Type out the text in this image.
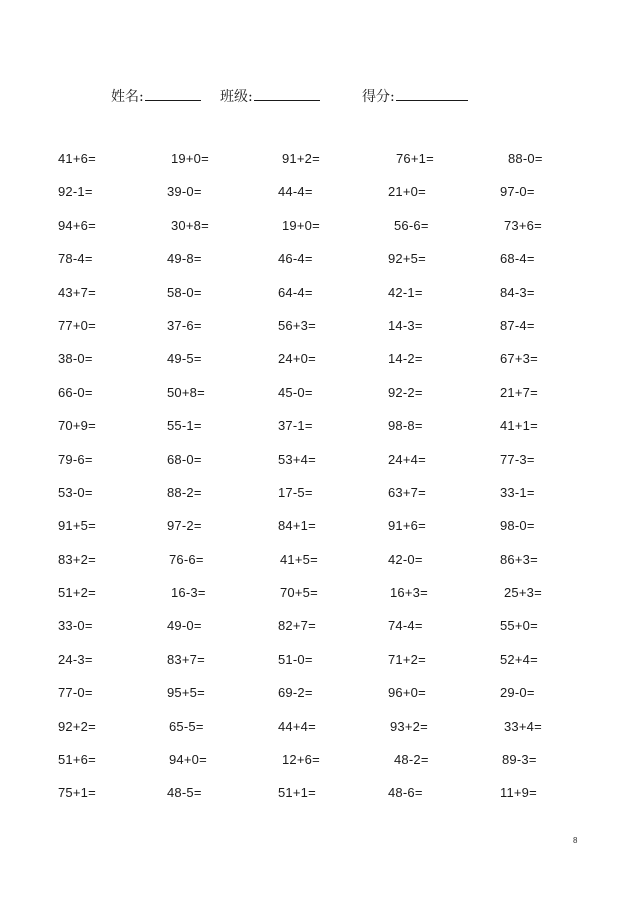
姓名:	班级:	得分:
41+6=	19+0=	91+2=	76+1=	88-0=
92-1=	39-0=	44-4=	21+0=	97-0=
94+6=	30+8=	19+0=	56-6=	73+6=
78-4=	49-8=	46-4=	92+5=	68-4=
43+7=	58-0=	64-4=	42-1=	84-3=
77+0=	37-6=	56+3=	14-3=	87-4=
38-0=	49-5=	24+0=	14-2=	67+3=
66-0=	50+8=	45-0=	92-2=	21+7=
70+9=	55-1=	37-1=	98-8=	41+1=
79-6=	68-0=	53+4=	24+4=	77-3=
53-0=	88-2=	17-5=	63+7=	33-1=
91+5=	97-2=	84+1=	91+6=	98-0=
83+2=	76-6=	41+5=	42-0=	86+3=
51+2=	16-3=	70+5=	16+3=	25+3=
33-0=	49-0=	82+7=	74-4=	55+0=
24-3=	83+7=	51-0=	71+2=	52+4=
77-0=	95+5=	69-2=	96+0=	29-0=
92+2=	65-5=	44+4=	93+2=	33+4=
51+6=	94+0=	12+6=	48-2=	89-3=
75+1=	48-5=	51+1=	48-6=	11+9=
8
